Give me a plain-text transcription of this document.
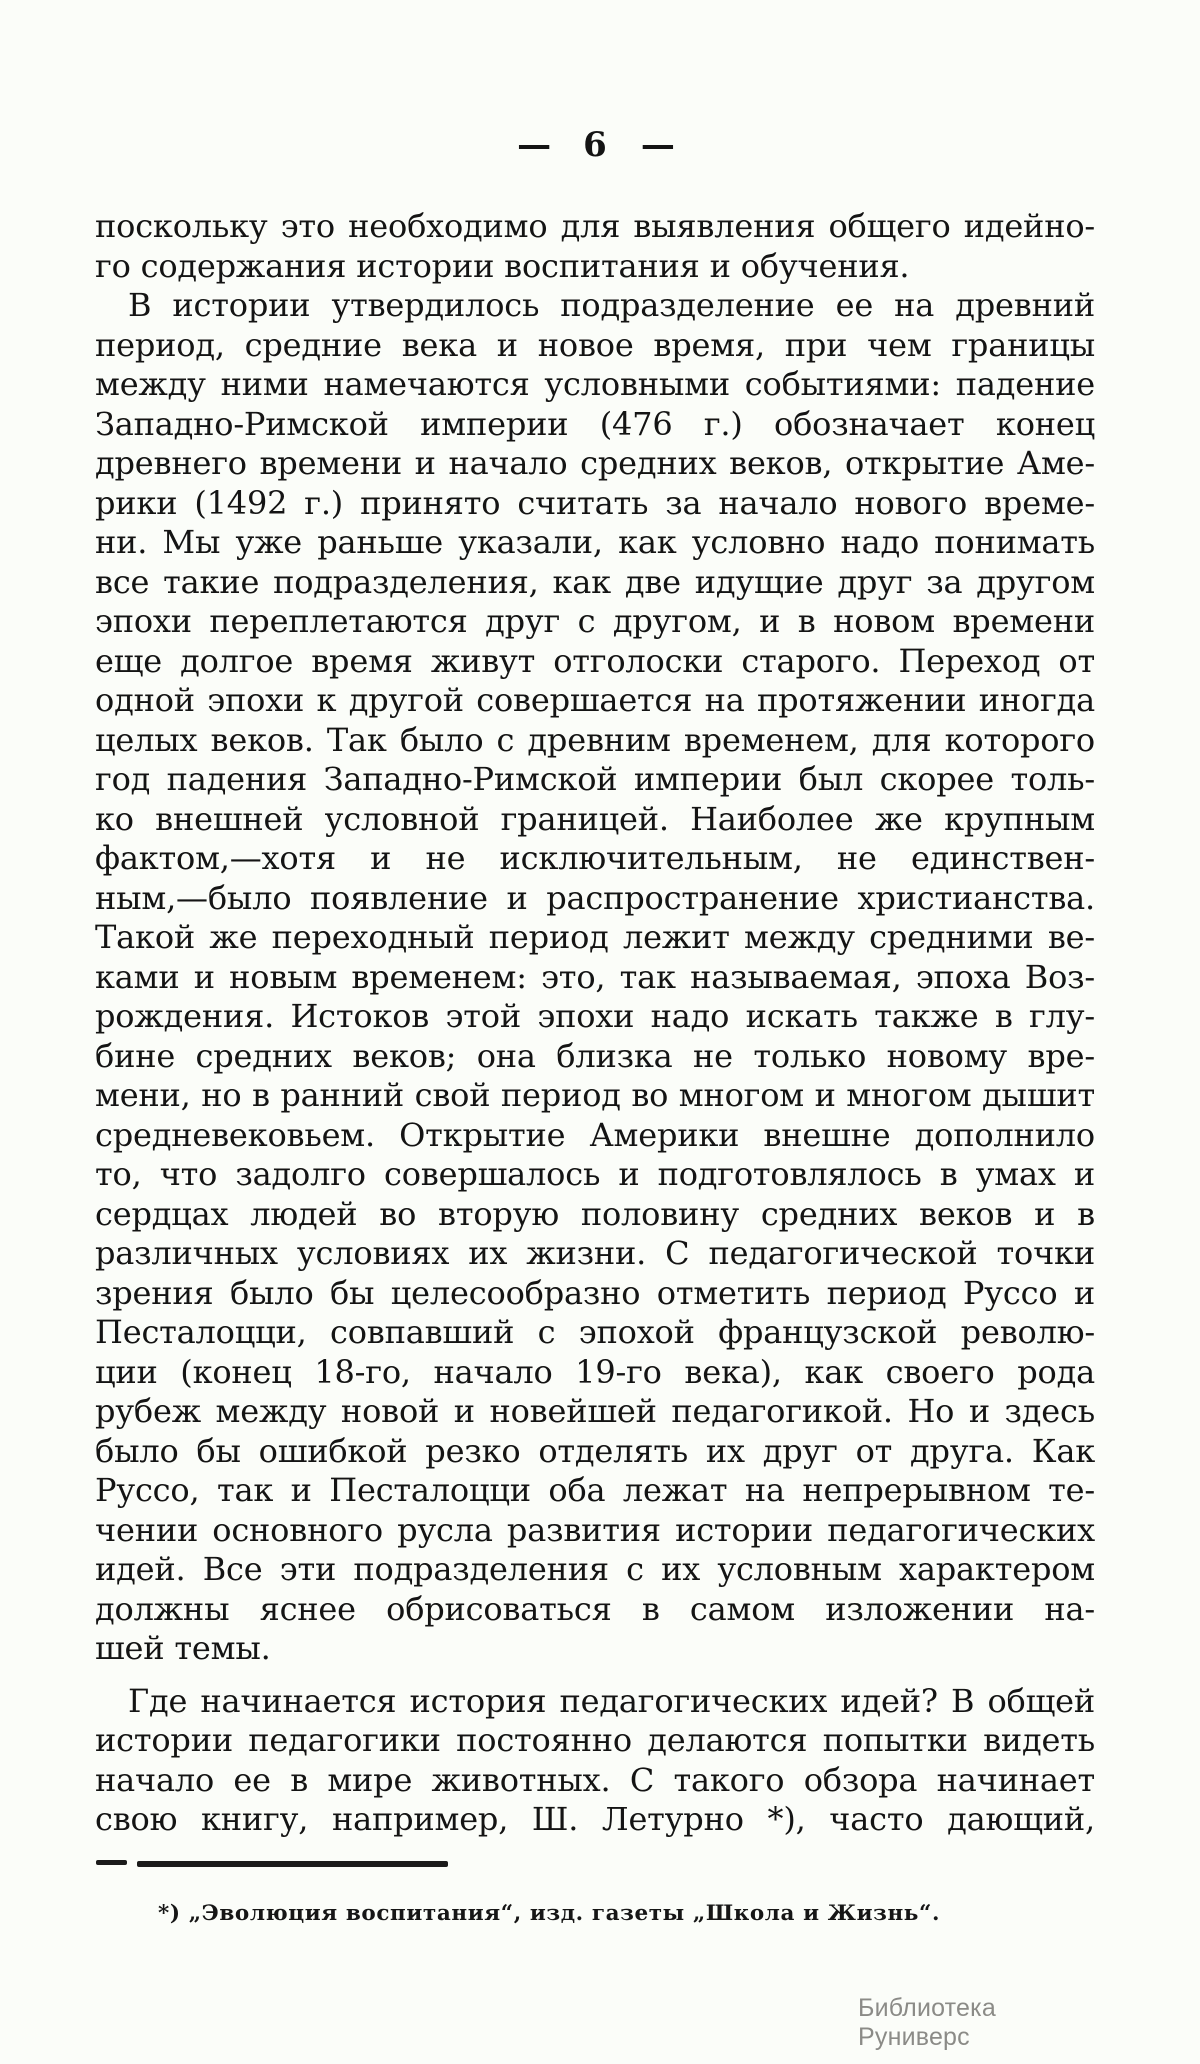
— 6 —
поскольку это необходимо для выявления общего идейно-
го содержания истории воспитания и обучения.
В истории утвердилось подразделение ее на древний
период, средние века и новое время, при чем границы
между ними намечаются условными событиями: падение
Западно-Римской империи (476 г.) обозначает конец
древнего времени и начало средних веков, открытие Аме-
рики (1492 г.) принято считать за начало нового време-
ни. Мы уже раньше указали, как условно надо понимать
все такие подразделения, как две идущие друг за другом
эпохи переплетаются друг с другом, и в новом времени
еще долгое время живут отголоски старого. Переход от
одной эпохи к другой совершается на протяжении иногда
целых веков. Так было с древним временем, для которого
год падения Западно-Римской империи был скорее толь-
ко внешней условной границей. Наиболее же крупным
фактом,—хотя и не исключительным, не единствен-
ным,—было появление и распространение христианства.
Такой же переходный период лежит между средними ве-
ками и новым временем: это, так называемая, эпоха Воз-
рождения. Истоков этой эпохи надо искать также в глу-
бине средних веков; она близка не только новому вре-
мени, но в ранний свой период во многом и многом дышит
средневековьем. Открытие Америки внешне дополнило
то, что задолго совершалось и подготовлялось в умах и
сердцах людей во вторую половину средних веков и в
различных условиях их жизни. С педагогической точки
зрения было бы целесообразно отметить период Руссо и
Песталоцци, совпавший с эпохой французской револю-
ции (конец 18-го, начало 19-го века), как своего рода
рубеж между новой и новейшей педагогикой. Но и здесь
было бы ошибкой резко отделять их друг от друга. Как
Руссо, так и Песталоцци оба лежат на непрерывном те-
чении основного русла развития истории педагогических
идей. Все эти подразделения с их условным характером
должны яснее обрисоваться в самом изложении на-
шей темы.
Где начинается история педагогических идей? В общей
истории педагогики постоянно делаются попытки видеть
начало ее в мире животных. С такого обзора начинает
свою книгу, например, Ш. Летурно *), часто дающий,
*) „Эволюция воспитания“, изд. газеты „Школа и Жизнь“.
Библиотека Руниверс
